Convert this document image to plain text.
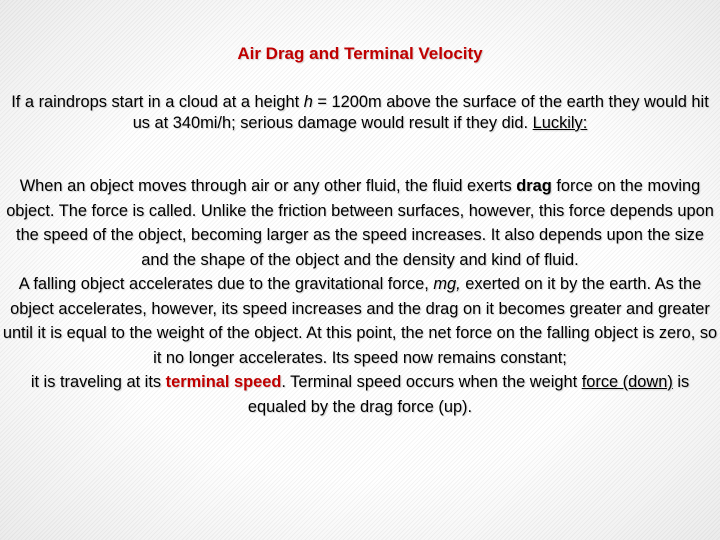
Air Drag and Terminal Velocity
If a raindrops start in a cloud at a height h = 1200m above the surface of the earth they would hit us at 340mi/h; serious damage would result if they did. Luckily:
When an object moves through air or any other fluid, the fluid exerts drag force on the moving object. The force is called. Unlike the friction between surfaces, however, this force depends upon the speed of the object, becoming larger as the speed increases. It also depends upon the size and the shape of the object and the density and kind of fluid.
A falling object accelerates due to the gravitational force, mg, exerted on it by the earth. As the object accelerates, however, its speed increases and the drag on it becomes greater and greater until it is equal to the weight of the object. At this point, the net force on the falling object is zero, so it no longer accelerates. Its speed now remains constant;
it is traveling at its terminal speed. Terminal speed occurs when the weight force (down) is equaled by the drag force (up).
